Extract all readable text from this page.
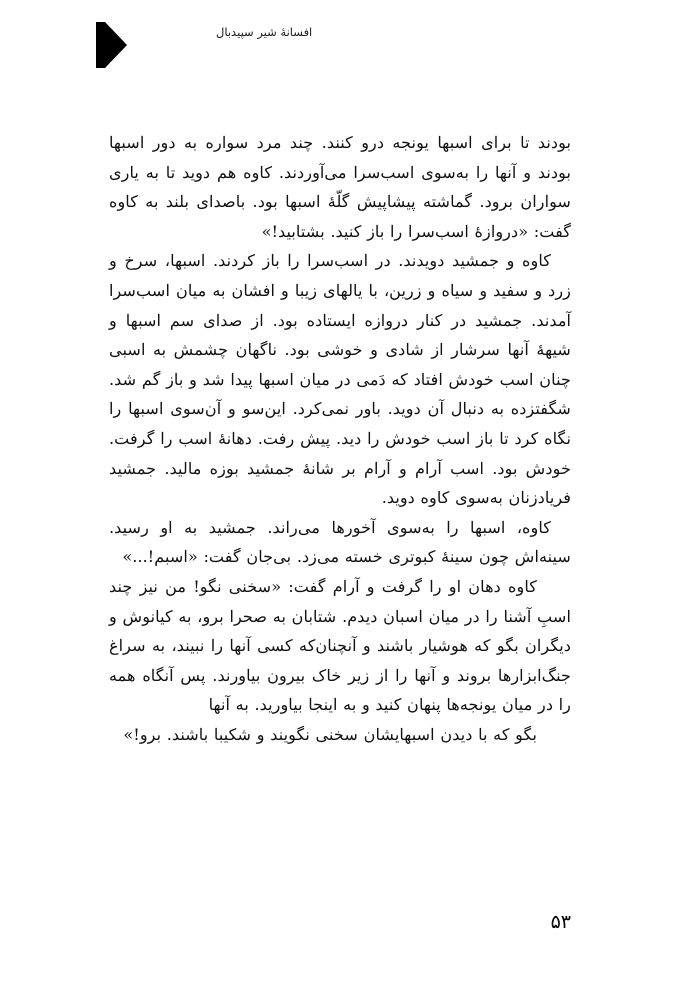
افسانهٔ شیر سپیدبال

بودند تا برای اسبها یونجه درو کنند. چند مرد سواره به دور اسبها بودند و آنها را به‌سوی اسب‌سرا می‌آوردند. کاوه هم دوید تا به یاری سواران برود. گماشته پیشاپیش گلّهٔ اسبها بود. باصدای بلند به کاوه گفت: «دروازهٔ اسب‌سرا را باز کنید. بشتابید!»

کاوه و جمشید دویدند. در اسب‌سرا را باز کردند. اسبها، سرخ و زرد و سفید و سیاه و زرین، با یالهای زیبا و افشان به میان اسب‌سرا آمدند. جمشید در کنار دروازه ایستاده بود. از صدای سم اسبها و شیههٔ آنها سرشار از شادی و خوشی بود. ناگهان چشمش به اسبی چنان اسب خودش افتاد که دَمی در میان اسبها پیدا شد و باز گم شد. شگفتزده به دنبال آن دوید. باور نمی‌کرد. این‌سو و آن‌سوی اسبها را نگاه کرد تا باز اسب خودش را دید. پیش رفت. دهانهٔ اسب را گرفت. خودش بود. اسب آرام و آرام بر شانهٔ جمشید بوزه مالید. جمشید فریادزنان به‌سوی کاوه دوید.

کاوه، اسبها را به‌سوی آخورها می‌راند. جمشید به او رسید. سینه‌اش چون سینهٔ کبوتری خسته می‌زد. بی‌جان گفت: «اسبم!...»

کاوه دهان او را گرفت و آرام گفت: «سخنی نگو! من نیز چند اسبِ آشنا را در میان اسبان دیدم. شتابان به صحرا برو، به کیانوش و دیگران بگو که هوشیار باشند و آنچنان‌که کسی آنها را نبیند، به سراغ جنگ‌ابزارها بروند و آنها را از زیر خاک بیرون بیاورند. پس آنگاه همه را در میان یونجه‌ها پنهان کنید و به اینجا بیاورید. به آنها

بگو که با دیدن اسبهایشان سخنی نگویند و شکیبا باشند. برو!»

۵۳
